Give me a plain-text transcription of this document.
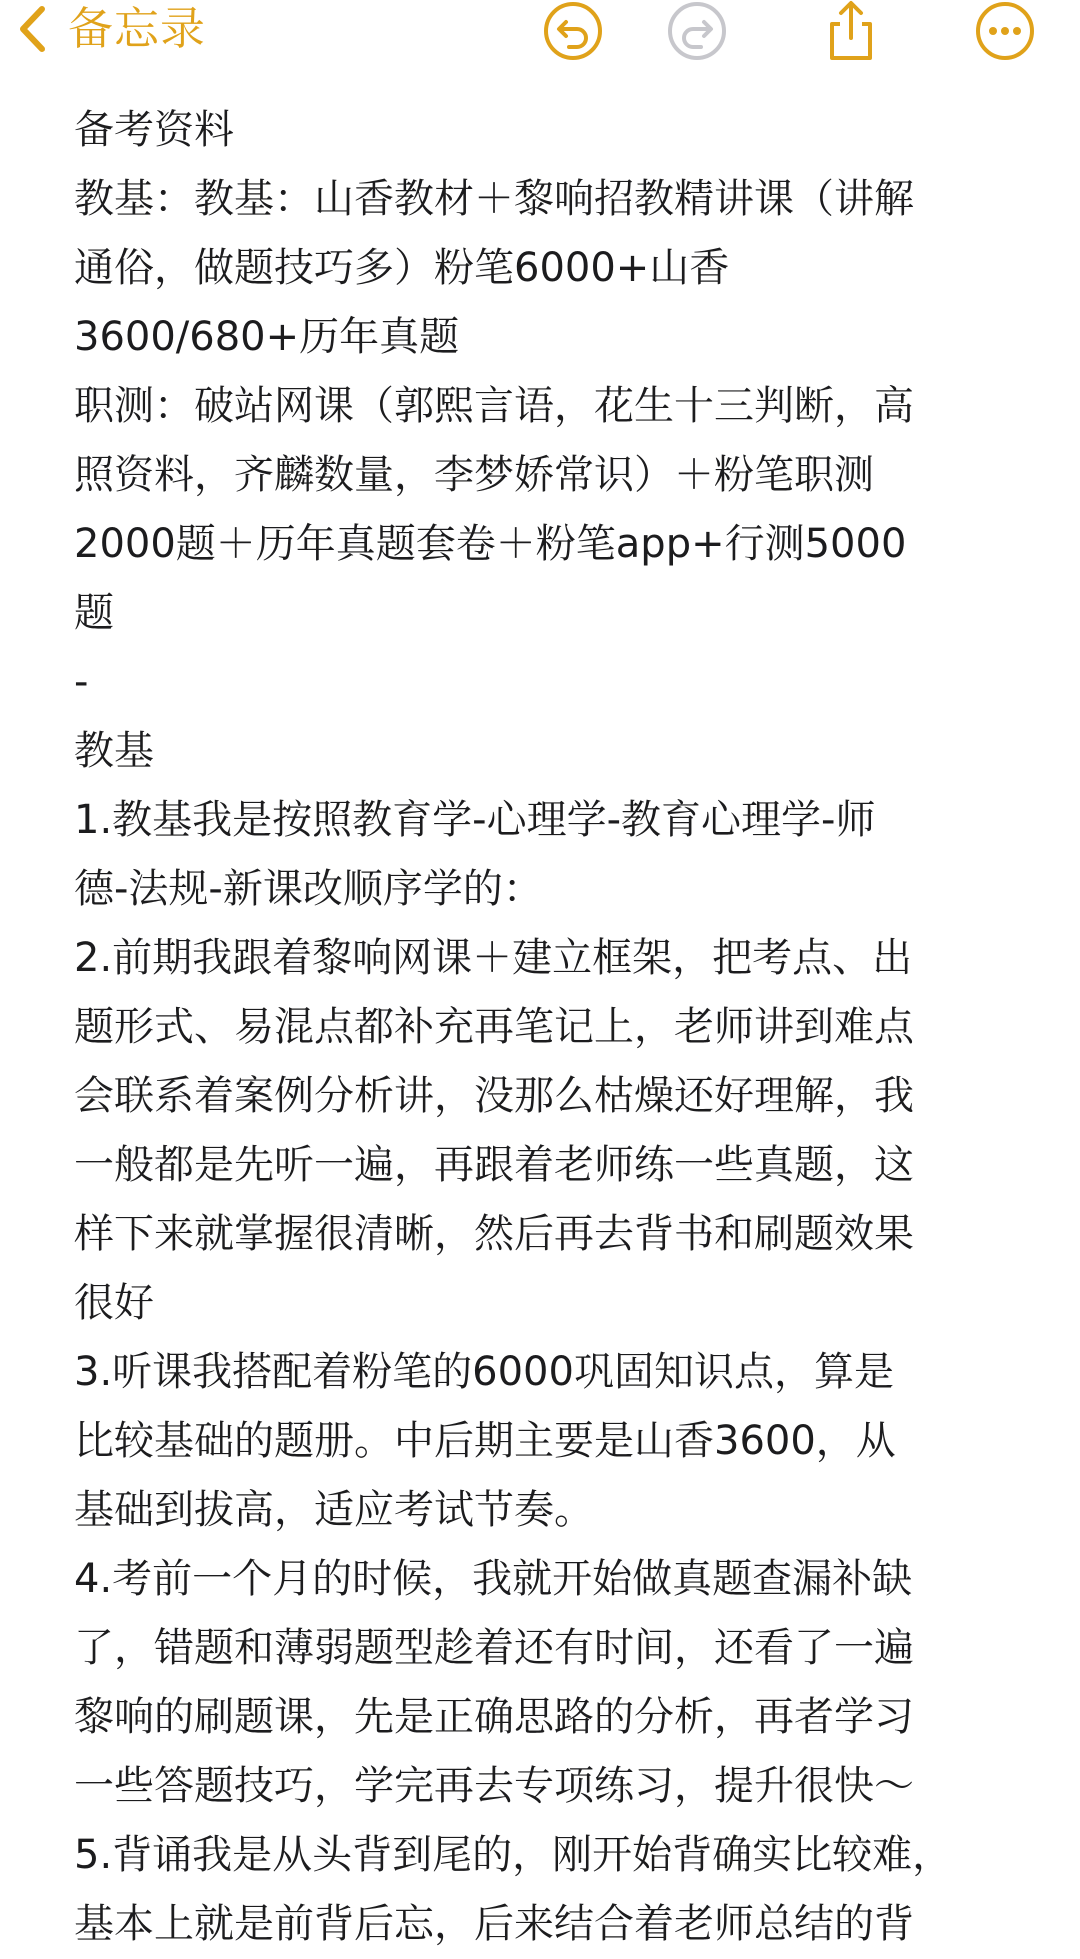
备忘录
备考资料
教基：教基：山香教材＋黎响招教精讲课（讲解
通俗，做题技巧多）粉笔6000+山香
3600/680+历年真题
职测：破站网课（郭熙言语，花生十三判断，高
照资料，齐麟数量，李梦娇常识）＋粉笔职测
2000题＋历年真题套卷＋粉笔app+行测5000
题
-
教基
1.教基我是按照教育学-心理学-教育心理学-师
德-法规-新课改顺序学的：
2.前期我跟着黎响网课＋建立框架，把考点、出
题形式、易混点都补充再笔记上，老师讲到难点
会联系着案例分析讲，没那么枯燥还好理解，我
一般都是先听一遍，再跟着老师练一些真题，这
样下来就掌握很清晰，然后再去背书和刷题效果
很好
3.听课我搭配着粉笔的6000巩固知识点，算是
比较基础的题册。中后期主要是山香3600，从
基础到拔高，适应考试节奏。
4.考前一个月的时候，我就开始做真题查漏补缺
了，错题和薄弱题型趁着还有时间，还看了一遍
黎响的刷题课，先是正确思路的分析，再者学习
一些答题技巧，学完再去专项练习，提升很快～
5.背诵我是从头背到尾的，刚开始背确实比较难，
基本上就是前背后忘，后来结合着老师总结的背
